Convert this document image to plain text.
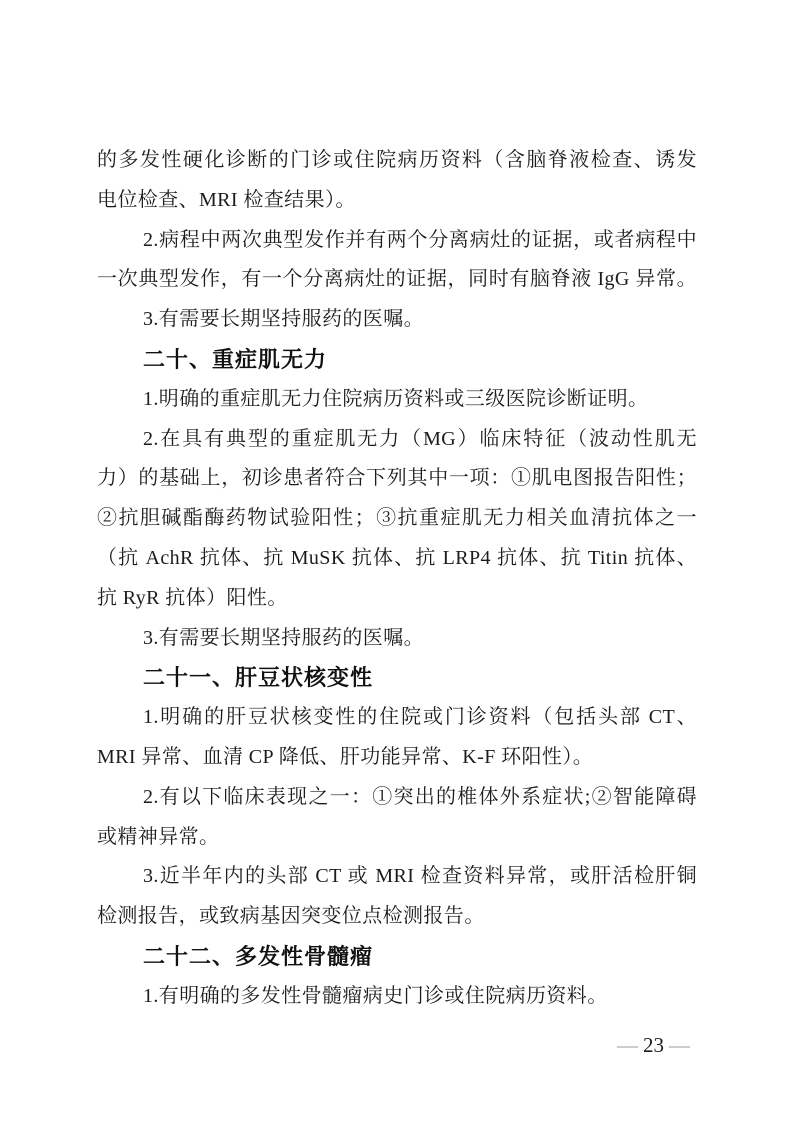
的多发性硬化诊断的门诊或住院病历资料（含脑脊液检查、诱发
电位检查、MRI 检查结果）。
2.病程中两次典型发作并有两个分离病灶的证据，或者病程中
一次典型发作，有一个分离病灶的证据，同时有脑脊液 IgG 异常。
3.有需要长期坚持服药的医嘱。
二十、重症肌无力
1.明确的重症肌无力住院病历资料或三级医院诊断证明。
2.在具有典型的重症肌无力（MG）临床特征（波动性肌无
力）的基础上，初诊患者符合下列其中一项：①肌电图报告阳性；
②抗胆碱酯酶药物试验阳性；③抗重症肌无力相关血清抗体之一
（抗 AchR 抗体、抗 MuSK 抗体、抗 LRP4 抗体、抗 Titin 抗体、
抗 RyR 抗体）阳性。
3.有需要长期坚持服药的医嘱。
二十一、肝豆状核变性
1.明确的肝豆状核变性的住院或门诊资料（包括头部 CT、
MRI 异常、血清 CP 降低、肝功能异常、K-F 环阳性）。
2.有以下临床表现之一：①突出的椎体外系症状;②智能障碍
或精神异常。
3.近半年内的头部 CT 或 MRI 检查资料异常，或肝活检肝铜
检测报告，或致病基因突变位点检测报告。
二十二、多发性骨髓瘤
1.有明确的多发性骨髓瘤病史门诊或住院病历资料。
— 23 —
